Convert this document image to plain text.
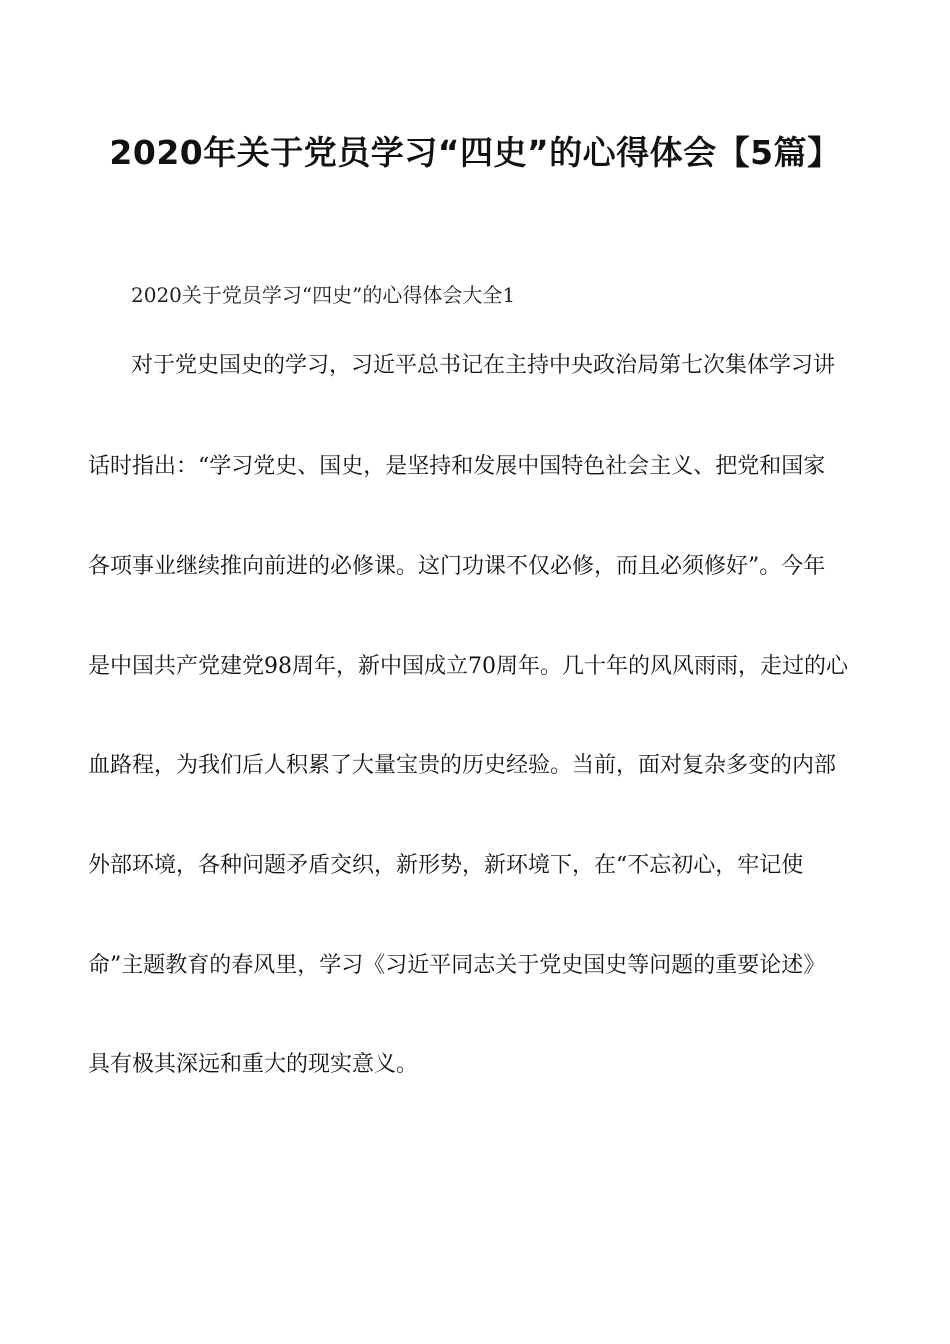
2020年关于党员学习“四史”的心得体会【5篇】
2020关于党员学习“四史”的心得体会大全1
对于党史国史的学习，习近平总书记在主持中央政治局第七次集体学习讲
话时指出：“学习党史、国史，是坚持和发展中国特色社会主义、把党和国家
各项事业继续推向前进的必修课。这门功课不仅必修，而且必须修好”。今年
是中国共产党建党98周年，新中国成立70周年。几十年的风风雨雨，走过的心
血路程，为我们后人积累了大量宝贵的历史经验。当前，面对复杂多变的内部
外部环境，各种问题矛盾交织，新形势，新环境下，在“不忘初心，牢记使
命”主题教育的春风里，学习《习近平同志关于党史国史等问题的重要论述》
具有极其深远和重大的现实意义。
